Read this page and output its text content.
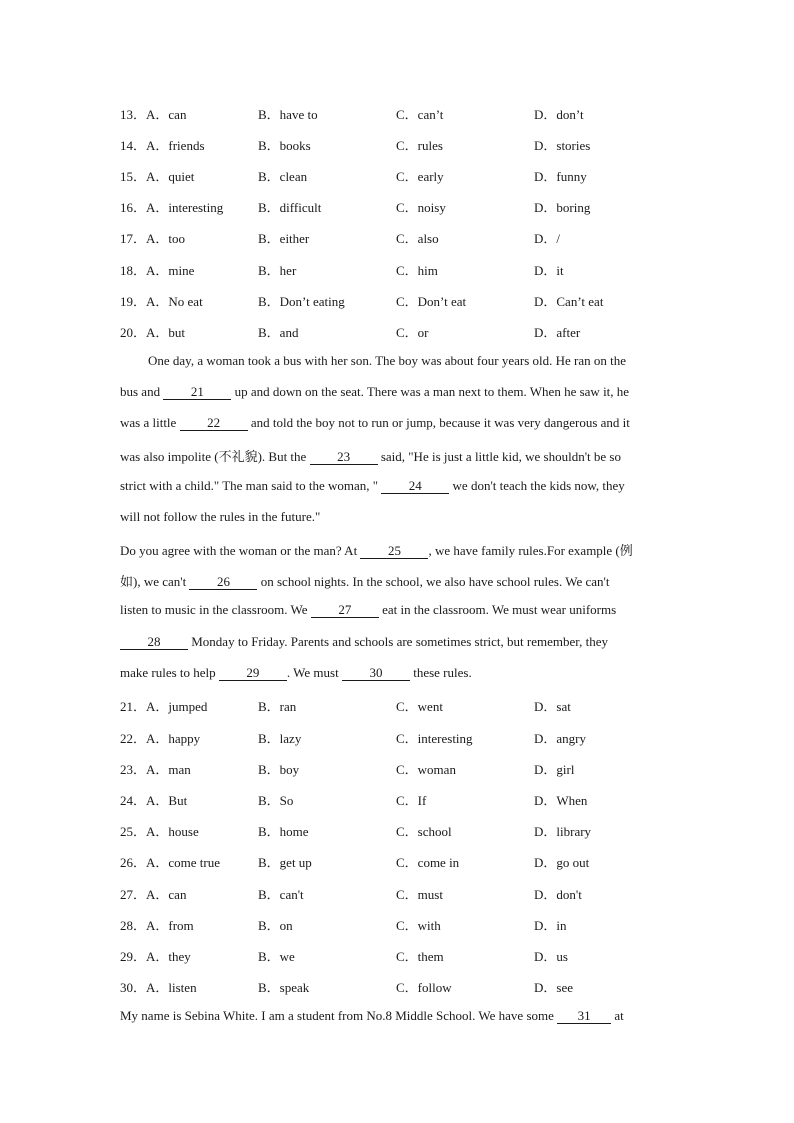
13．A．can	B．have to	C．can’t	D．don’t
14．A．friends	B．books	C．rules	D．stories
15．A．quiet	B．clean	C．early	D．funny
16．A．interesting	B．difficult	C．noisy	D．boring
17．A．too	B．either	C．also	D．/
18．A．mine	B．her	C．him	D．it
19．A．No eat	B．Don’t eating	C．Don’t eat	D．Can’t eat
20．A．but	B．and	C．or	D．after
One day, a woman took a bus with her son. The boy was about four years old. He ran on the
bus and 21 up and down on the seat. There was a man next to them. When he saw it, he
was a little 22 and told the boy not to run or jump, because it was very dangerous and it
was also impolite (不礼貌). But the 23 said, "He is just a little kid, we shouldn't be so
strict with a child." The man said to the woman, " 24 we don't teach the kids now, they
will not follow the rules in the future."
Do you agree with the woman or the man? At 25 , we have family rules.For example (例
如), we can't 26 on school nights. In the school, we also have school rules. We can't
listen to music in the classroom. We 27 eat in the classroom. We must wear uniforms
28 Monday to Friday. Parents and schools are sometimes strict, but remember, they
make rules to help 29 . We must 30 these rules.
21．A．jumped	B．ran	C．went	D．sat
22．A．happy	B．lazy	C．interesting	D．angry
23．A．man	B．boy	C．woman	D．girl
24．A．But	B．So	C．If	D．When
25．A．house	B．home	C．school	D．library
26．A．come true	B．get up	C．come in	D．go out
27．A．can	B．can't	C．must	D．don't
28．A．from	B．on	C．with	D．in
29．A．they	B．we	C．them	D．us
30．A．listen	B．speak	C．follow	D．see
My name is Sebina White. I am a student from No.8 Middle School. We have some 31 at
